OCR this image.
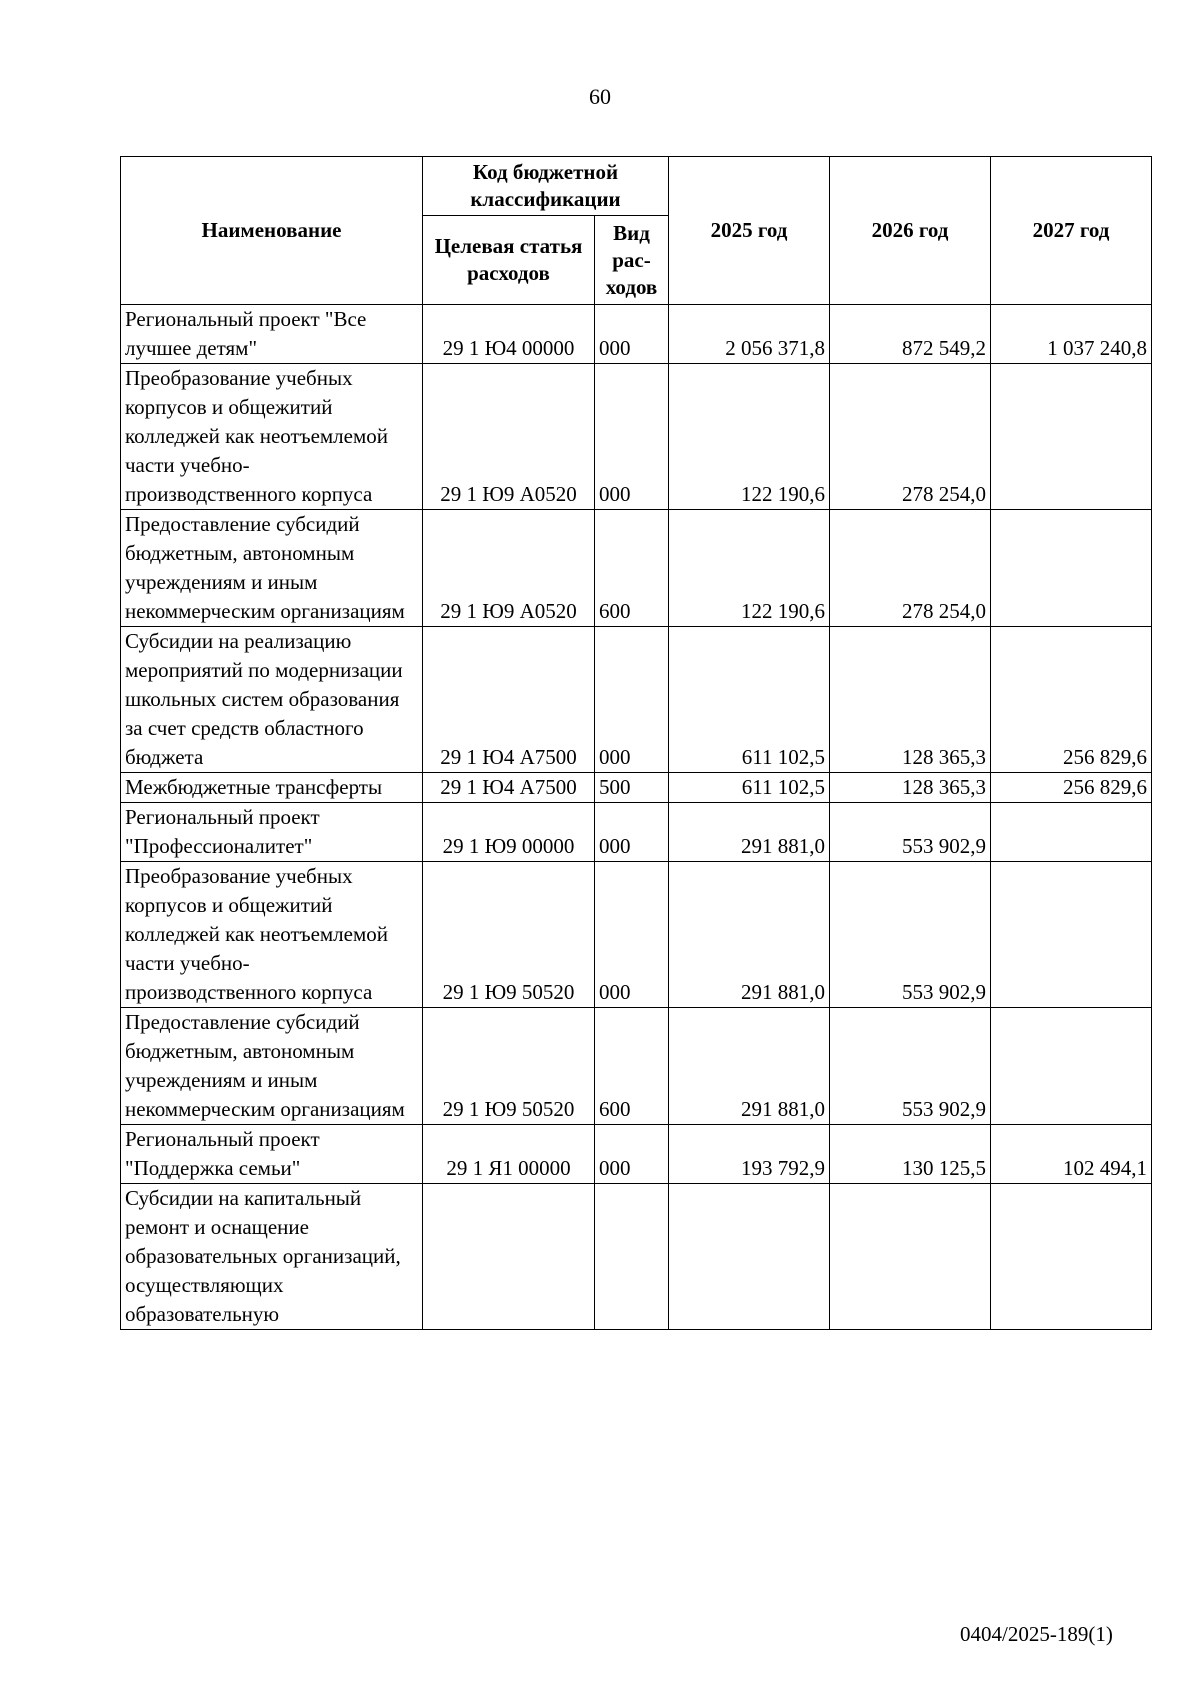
60
Наименование	Код бюджетной классификации		2025 год	2026 год	2027 год
	Целевая статья расходов	Вид рас-ходов			
Региональный проект "Все лучшее детям"	29 1 Ю4 00000	000	2 056 371,8	872 549,2	1 037 240,8
Преобразование учебных корпусов и общежитий колледжей как неотъемлемой части учебно-производственного корпуса	29 1 Ю9 А0520	000	122 190,6	278 254,0	
Предоставление субсидий бюджетным, автономным учреждениям и иным некоммерческим организациям	29 1 Ю9 А0520	600	122 190,6	278 254,0	
Субсидии на реализацию мероприятий по модернизации школьных систем образования за счет средств областного бюджета	29 1 Ю4 А7500	000	611 102,5	128 365,3	256 829,6
Межбюджетные трансферты	29 1 Ю4 А7500	500	611 102,5	128 365,3	256 829,6
Региональный проект "Профессионалитет"	29 1 Ю9 00000	000	291 881,0	553 902,9	
Преобразование учебных корпусов и общежитий колледжей как неотъемлемой части учебно-производственного корпуса	29 1 Ю9 50520	000	291 881,0	553 902,9	
Предоставление субсидий бюджетным, автономным учреждениям и иным некоммерческим организациям	29 1 Ю9 50520	600	291 881,0	553 902,9	
Региональный проект "Поддержка семьи"	29 1 Я1 00000	000	193 792,9	130 125,5	102 494,1
Субсидии на капитальный ремонт и оснащение образовательных организаций, осуществляющих образовательную					
0404/2025-189(1)
